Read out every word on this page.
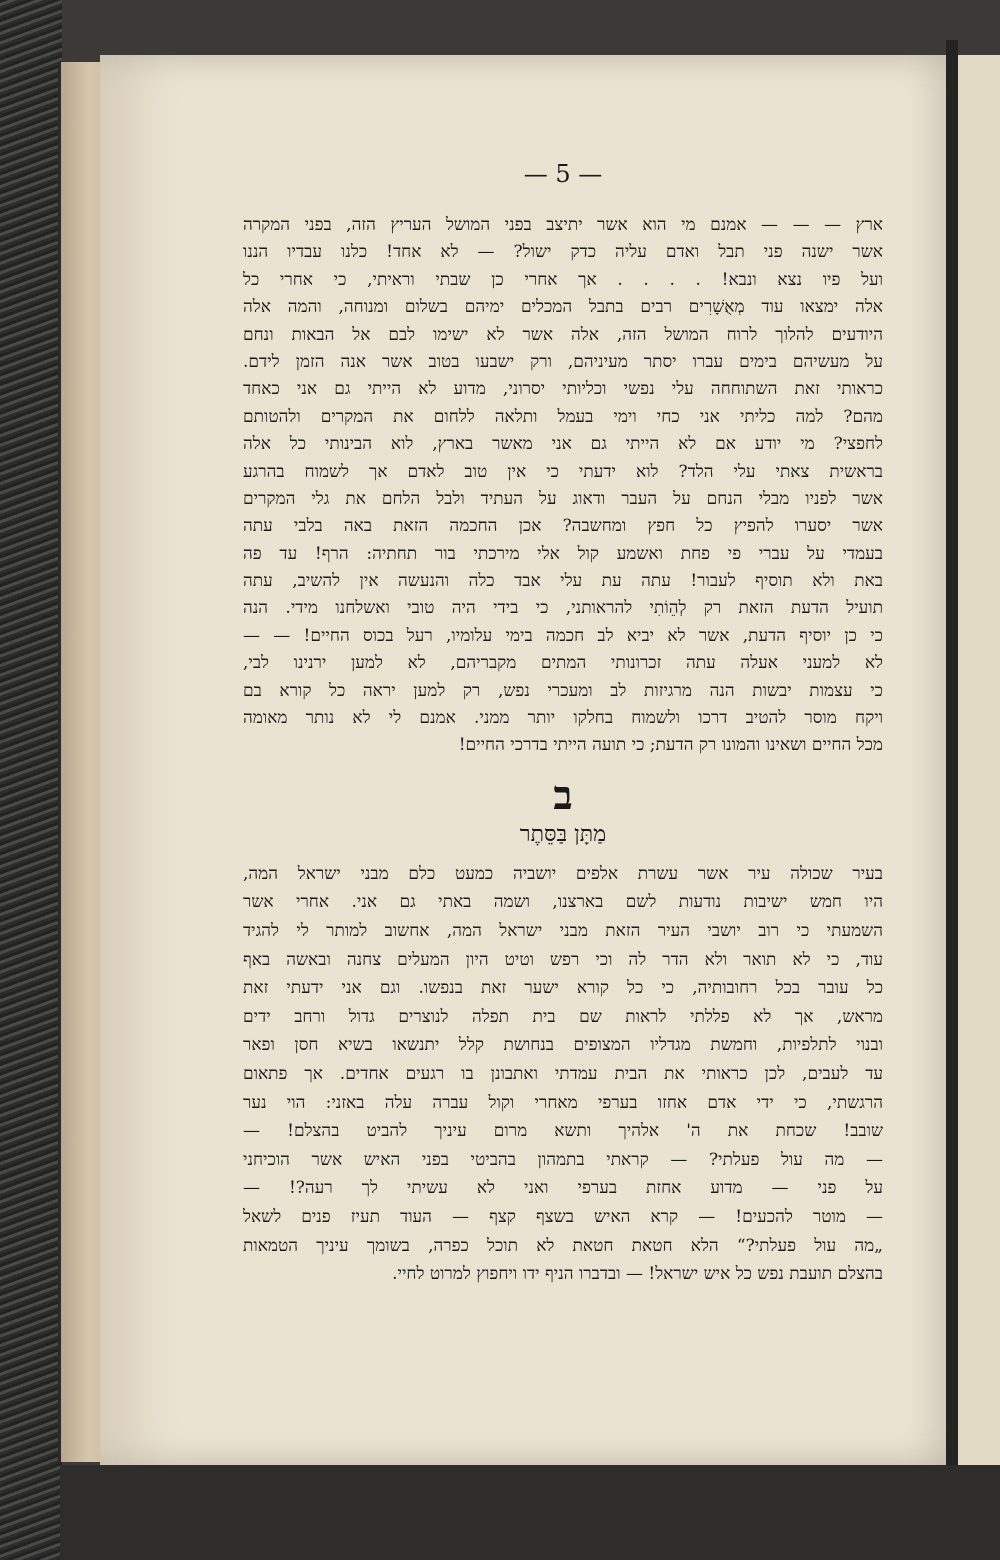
— 5 —
ארץ — — — אמנם מי הוא אשר יתיצב בפני המושל העריץ הזה, בפני המקרה
אשר ישנה פני תבל ואדם עליה כדק ישול? — לא אחד! כלנו עבדיו הננו
ועל פיו נצא ונבא! . . . . אך אחרי כן שבתי וראיתי, כי אחרי כל
אלה ימצאו עוד מְאֻשָׁרִים רבים בתבל המכלים ימיהם בשלום ומנוחה, והמה אלה
היודעים להלוך לרוח המושל הזה, אלה אשר לא ישימו לבם אל הבאות ונחם
על מעשיהם בימים עברו יסתר מעיניהם, ורק ישבעו בטוב אשר אנה הזמן לידם.
כראותי זאת השתוחחה עלי נפשי וכליותי יסרוני, מדוע לא הייתי גם אני כאחד
מהם? למה כליתי אני כחי וימי בעמל ותלאה ללחום את המקרים ולהטותם
לחפצי? מי יודע אם לא הייתי גם אני מאשר בארץ, לוא הבינותי כל אלה
בראשית צאתי עלי הלד? לוא ידעתי כי אין טוב לאדם אך לשמוח בהרגע
אשר לפניו מבלי הנחם על העבר ודאוג על העתיד ולבל הלחם את גלי המקרים
אשר יסערו להפיץ כל חפץ ומחשבה? אכן החכמה הזאת באה בלבי עתה
בעמדי על עברי פי פחת ואשמע קול אלי מירכתי בור תחתיה: הרף! עד פה
באת ולא תוסיף לעבור! עתה עת עלי אבד כלה והנעשה אין להשיב, עתה
תועיל הדעת הזאת רק לְהֵוֹתִי להראותני, כי בידי היה טובי ואשלחנו מידי. הנה
כי כן יוסיף הדעת, אשר לא יביא לב חכמה בימי עלומיו, רעל בכוס החיים! — —
לא למעני אעלה עתה זכרונותי המתים מקבריהם, לא למען ירנינו לבי,
כי עצמות יבשות הנה מרגיזות לב ומעכרי נפש, רק למען יראה כל קורא בם
ויקח מוסר להטיב דרכו ולשמוח בחלקו יותר ממני. אמנם לי לא נותר מאומה
מכל החיים ושאינו והמונו רק הדעת; כי תועה הייתי בדרכי החיים!
ב
מַתָּן בַּסֵּתֶר
בעיר שכולה עיר אשר עשרת אלפים יושביה כמעט כלם מבני ישראל המה,
היו חמש ישיבות נודעות לשם בארצנו, ושמה באתי גם אני. אחרי אשר
השמעתי כי רוב יושבי העיר הזאת מבני ישראל המה, אחשוב למותר לי להגיד
עוד, כי לא תואר ולא הדר לה וכי רפש וטיט היון המעלים צחנה ובאשה באף
כל עובר בכל רחובותיה, כי כל קורא ישער זאת בנפשו. וגם אני ידעתי זאת
מראש, אך לא פללתי לראות שם בית תפלה לנוצרים גדול ורחב ידים
ובנוי לתלפיות, וחמשת מגדליו המצופים בנחושת קלל יתנשאו בשיא חסן ופאר
עד לעבים, לכן כראותי את הבית עמדתי ואתבונן בו רגעים אחדים. אך פתאום
הרגשתי, כי ידי אדם אחזו בערפי מאחרי וקול עברה עלה באזני: הוי נער
שובב! שכחת את ה' אלהיך ותשא מרום עיניך להביט בהצלם! —
— מה עול פעלתי? — קראתי בתמהון בהביטי בפני האיש אשר הוכיחני
על פני — מדוע אחזת בערפי ואני לא עשיתי לך רעה?! —
— מוטר להכעים! — קרא האיש בשצף קצף — העוד תעיז פנים לשאל
„מה עול פעלתי?“ הלא חטאת חטאת לא תוכל כפרה, בשומך עיניך הטמאות
בהצלם תועבת נפש כל איש ישראל! — ובדברו הניף ידו ויחפוץ למרוט לחיי.
